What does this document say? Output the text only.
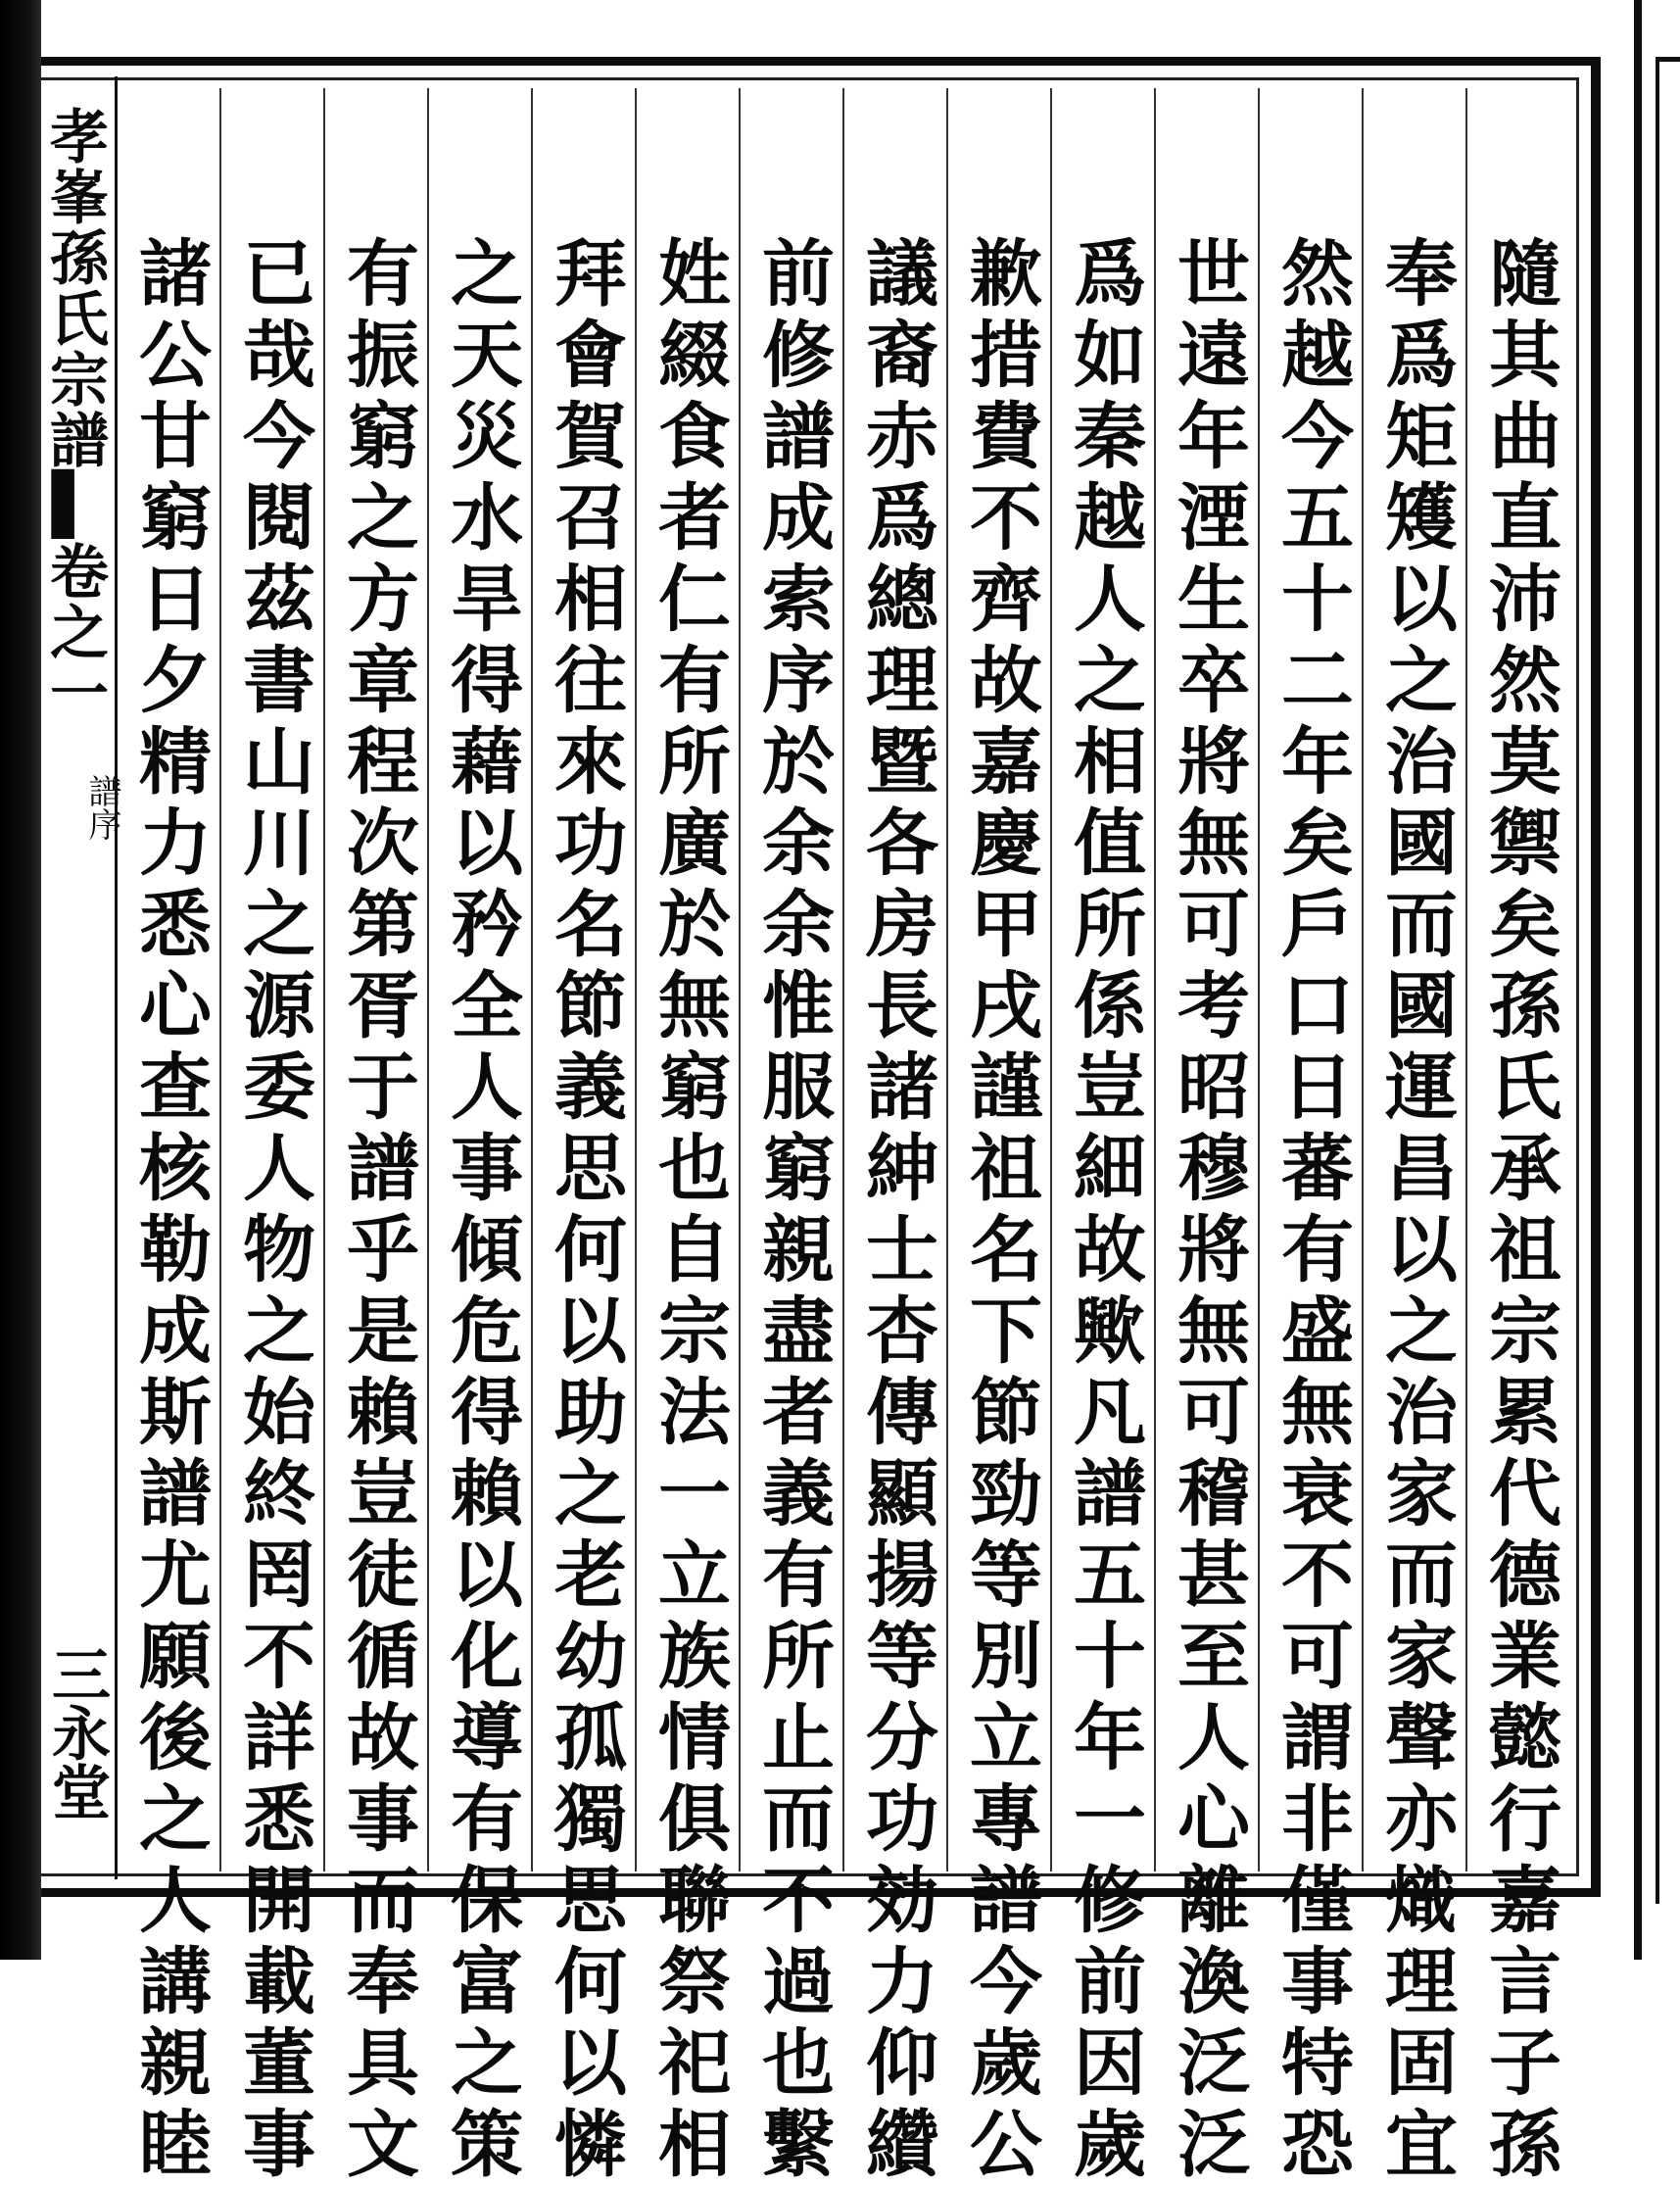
孝峯孫氏宗譜▌卷之一
三永堂
譜序	隨其曲直沛然莫禦矣孫氏承祖宗累代德業懿行嘉言子孫
奉爲矩矱以之治國而國運昌以之治家而家聲亦熾理固宜
然越今五十二年矣戶口日蕃有盛無衰不可謂非僅事特恐
世遠年湮生卒將無可考昭穆將無可稽甚至人心離渙泛泛
爲如秦越人之相值所係豈細故歟凡譜五十年一修前因歲
歉措費不齊故嘉慶甲戌謹祖名下節勁等別立專譜今歲公
議裔赤爲總理暨各房長諸紳士杏傳顯揚等分功効力仰纘
前修譜成索序於余余惟服窮親盡者義有所止而不過也繫
姓綴食者仁有所廣於無窮也自宗法一立族情俱聯祭祀相
拜會賀召相往來功名節義思何以助之老幼孤獨思何以憐
之天災水旱得藉以矜全人事傾危得賴以化導有保富之策
有振窮之方章程次第胥于譜乎是賴豈徒循故事而奉具文
已哉今閱茲書山川之源委人物之始終罔不詳悉開載董事
諸公甘窮日夕精力悉心查核勒成斯譜尤願後之人講親睦
